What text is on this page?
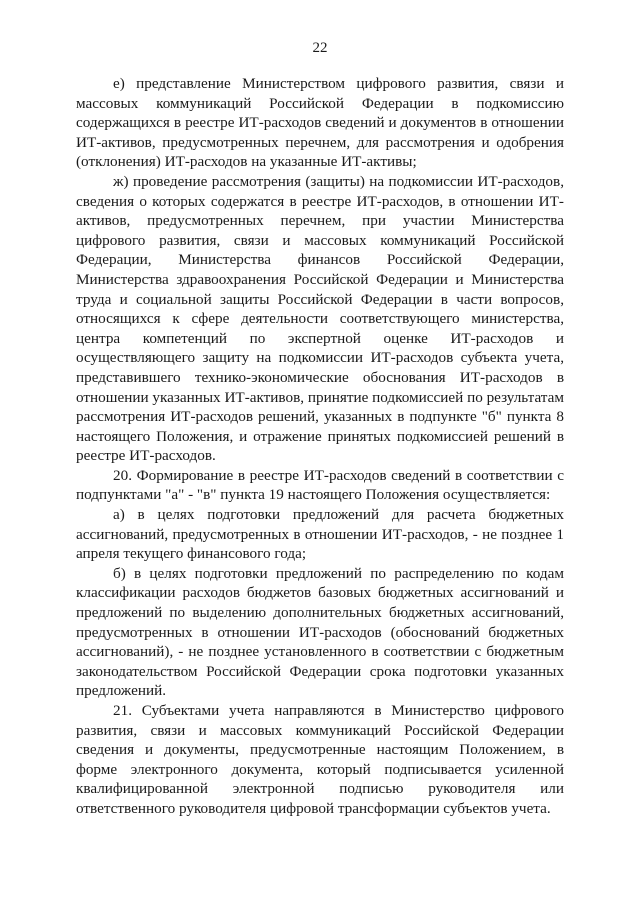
22

е) представление Министерством цифрового развития, связи и массовых коммуникаций Российской Федерации в подкомиссию содержащихся в реестре ИТ-расходов сведений и документов в отношении ИТ-активов, предусмотренных перечнем, для рассмотрения и одобрения (отклонения) ИТ-расходов на указанные ИТ-активы;

ж) проведение рассмотрения (защиты) на подкомиссии ИТ-расходов, сведения о которых содержатся в реестре ИТ-расходов, в отношении ИТ-активов, предусмотренных перечнем, при участии Министерства цифрового развития, связи и массовых коммуникаций Российской Федерации, Министерства финансов Российской Федерации, Министерства здравоохранения Российской Федерации и Министерства труда и социальной защиты Российской Федерации в части вопросов, относящихся к сфере деятельности соответствующего министерства, центра компетенций по экспертной оценке ИТ-расходов и осуществляющего защиту на подкомиссии ИТ-расходов субъекта учета, представившего технико-экономические обоснования ИТ-расходов в отношении указанных ИТ-активов, принятие подкомиссией по результатам рассмотрения ИТ-расходов решений, указанных в подпункте "б" пункта 8 настоящего Положения, и отражение принятых подкомиссией решений в реестре ИТ-расходов.

20. Формирование в реестре ИТ-расходов сведений в соответствии с подпунктами "а" - "в" пункта 19 настоящего Положения осуществляется:

а) в целях подготовки предложений для расчета бюджетных ассигнований, предусмотренных в отношении ИТ-расходов, - не позднее 1 апреля текущего финансового года;

б) в целях подготовки предложений по распределению по кодам классификации расходов бюджетов базовых бюджетных ассигнований и предложений по выделению дополнительных бюджетных ассигнований, предусмотренных в отношении ИТ-расходов (обоснований бюджетных ассигнований), - не позднее установленного в соответствии с бюджетным законодательством Российской Федерации срока подготовки указанных предложений.

21. Субъектами учета направляются в Министерство цифрового развития, связи и массовых коммуникаций Российской Федерации сведения и документы, предусмотренные настоящим Положением, в форме электронного документа, который подписывается усиленной квалифицированной электронной подписью руководителя или ответственного руководителя цифровой трансформации субъектов учета.
